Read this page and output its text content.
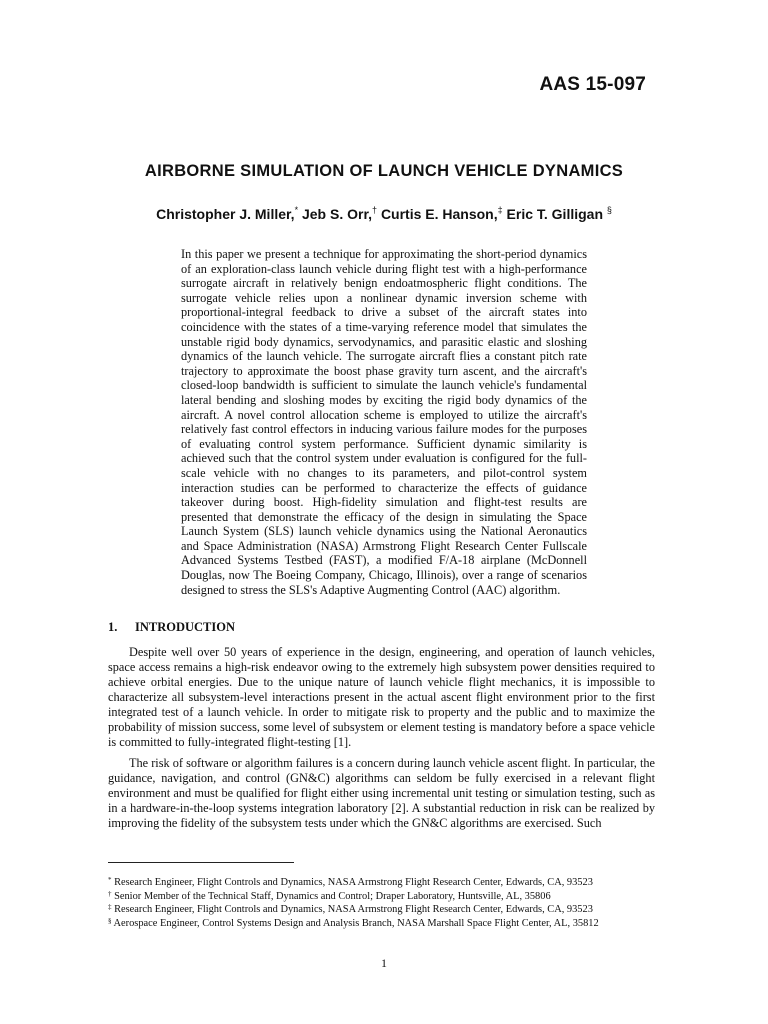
AAS 15-097
AIRBORNE SIMULATION OF LAUNCH VEHICLE DYNAMICS
Christopher J. Miller,* Jeb S. Orr,† Curtis E. Hanson,‡ Eric T. Gilligan §

In this paper we present a technique for approximating the short-period dynamics of an exploration-class launch vehicle during flight test with a high-performance surrogate aircraft in relatively benign endoatmospheric flight conditions. The surrogate vehicle relies upon a nonlinear dynamic inversion scheme with proportional-integral feedback to drive a subset of the aircraft states into coincidence with the states of a time-varying reference model that simulates the unstable rigid body dynamics, servodynamics, and parasitic elastic and sloshing dynamics of the launch vehicle. The surrogate aircraft flies a constant pitch rate trajectory to approximate the boost phase gravity turn ascent, and the aircraft's closed-loop bandwidth is sufficient to simulate the launch vehicle's fundamental lateral bending and sloshing modes by exciting the rigid body dynamics of the aircraft. A novel control allocation scheme is employed to utilize the aircraft's relatively fast control effectors in inducing various failure modes for the purposes of evaluating control system performance. Sufficient dynamic similarity is achieved such that the control system under evaluation is configured for the full-scale vehicle with no changes to its parameters, and pilot-control system interaction studies can be performed to characterize the effects of guidance takeover during boost. High-fidelity simulation and flight-test results are presented that demonstrate the efficacy of the design in simulating the Space Launch System (SLS) launch vehicle dynamics using the National Aeronautics and Space Administration (NASA) Armstrong Flight Research Center Fullscale Advanced Systems Testbed (FAST), a modified F/A-18 airplane (McDonnell Douglas, now The Boeing Company, Chicago, Illinois), over a range of scenarios designed to stress the SLS's Adaptive Augmenting Control (AAC) algorithm.

1. INTRODUCTION

Despite well over 50 years of experience in the design, engineering, and operation of launch vehicles, space access remains a high-risk endeavor owing to the extremely high subsystem power densities required to achieve orbital energies. Due to the unique nature of launch vehicle flight mechanics, it is impossible to characterize all subsystem-level interactions present in the actual ascent flight environment prior to the first integrated test of a launch vehicle. In order to mitigate risk to property and the public and to maximize the probability of mission success, some level of subsystem or element testing is mandatory before a space vehicle is committed to fully-integrated flight-testing [1].

The risk of software or algorithm failures is a concern during launch vehicle ascent flight. In particular, the guidance, navigation, and control (GN&C) algorithms can seldom be fully exercised in a relevant flight environment and must be qualified for flight either using incremental unit testing or simulation testing, such as in a hardware-in-the-loop systems integration laboratory [2]. A substantial reduction in risk can be realized by improving the fidelity of the subsystem tests under which the GN&C algorithms are exercised. Such

* Research Engineer, Flight Controls and Dynamics, NASA Armstrong Flight Research Center, Edwards, CA, 93523
† Senior Member of the Technical Staff, Dynamics and Control; Draper Laboratory, Huntsville, AL, 35806
‡ Research Engineer, Flight Controls and Dynamics, NASA Armstrong Flight Research Center, Edwards, CA, 93523
§ Aerospace Engineer, Control Systems Design and Analysis Branch, NASA Marshall Space Flight Center, AL, 35812
1
